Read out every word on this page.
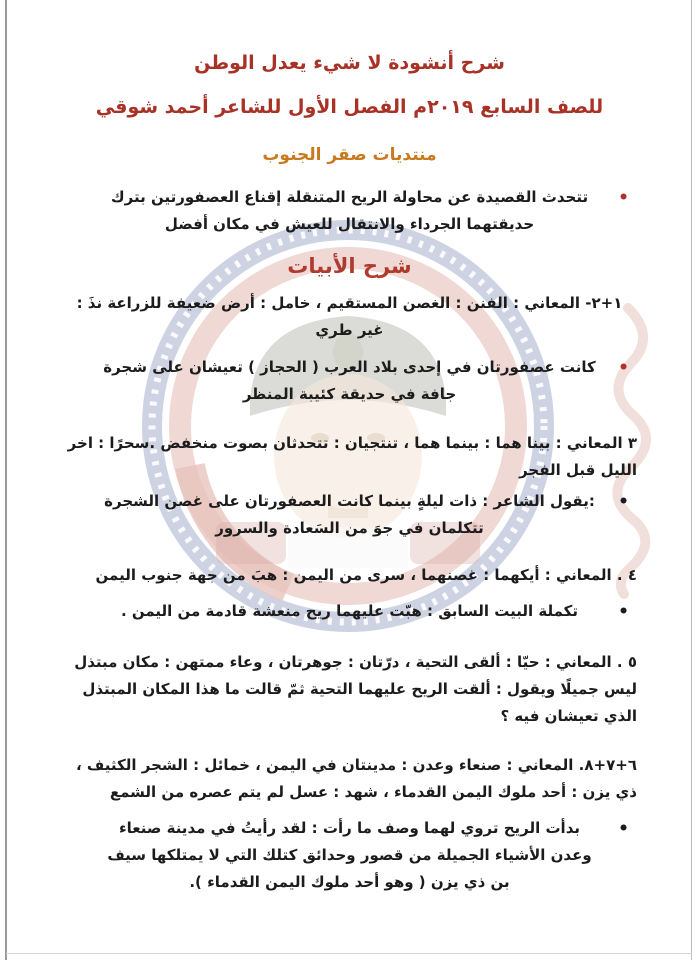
شرح أنشودة لا شيء يعدل الوطن
للصف السابع ٢٠١٩م الفصل الأول للشاعر أحمد شوقي
منتديات صقر الجنوب
•
تتحدث القصيدة عن محاولة الريح المتنقلة إقناع العصفورتين بترك حديقتهما الجرداء والانتقال للعيش في مكان أفضل
شرح الأبيات
١+٢- المعاني : الفنن : الغصن المستقيم ، خامل : أرض ضعيفة للزراعة نذَ : غير طري
•
كانت عصفورتان في إحدى بلاد العرب ( الحجاز ) تعيشان على شجرة جافة في حديقة كئيبة المنظر
٣ المعاني : بينا هما : بينما هما ، تنتجيان : تتحدثان بصوت منخفض .سحرًا : اخر الليل قبل الفجر
•
:يقول الشاعر : ذات ليلةٍ بينما كانت العصفورتان على غصن الشجرة تتكلمان في جوَ من السَعادة والسرور
٤ . المعاني : أيكهما : غصنهما ، سرى من اليمن : هبَ من جهة جنوب اليمن
•
تكملة البيت السابق : هبّت عليهما ريح منعشة قادمة من اليمن .
٥ . المعاني : حيّا : ألقى التحية ، درّتان : جوهرتان ، وعاء ممتهن : مكان مبتذل ليس جميلًا ويقول : ألقت الريح عليهما التحية ثمّ قالت ما هذا المكان المبتذل الذي تعيشان فيه ؟
٦+٧+٨. المعاني : صنعاء وعدن : مدينتان في اليمن ، خمائل : الشجر الكثيف ، ذي يزن : أحد ملوك اليمن القدماء ، شهد : عسل لم يتم عصره من الشمع
•
بدأت الريح تروي لهما وصف ما رأت : لقد رأيتُ في مدينة صنعاء وعدن الأشياء الجميلة من قصور وحدائق كتلك التي لا يمتلكها سيف بن ذي يزن ( وهو أحد ملوك اليمن القدماء ).
